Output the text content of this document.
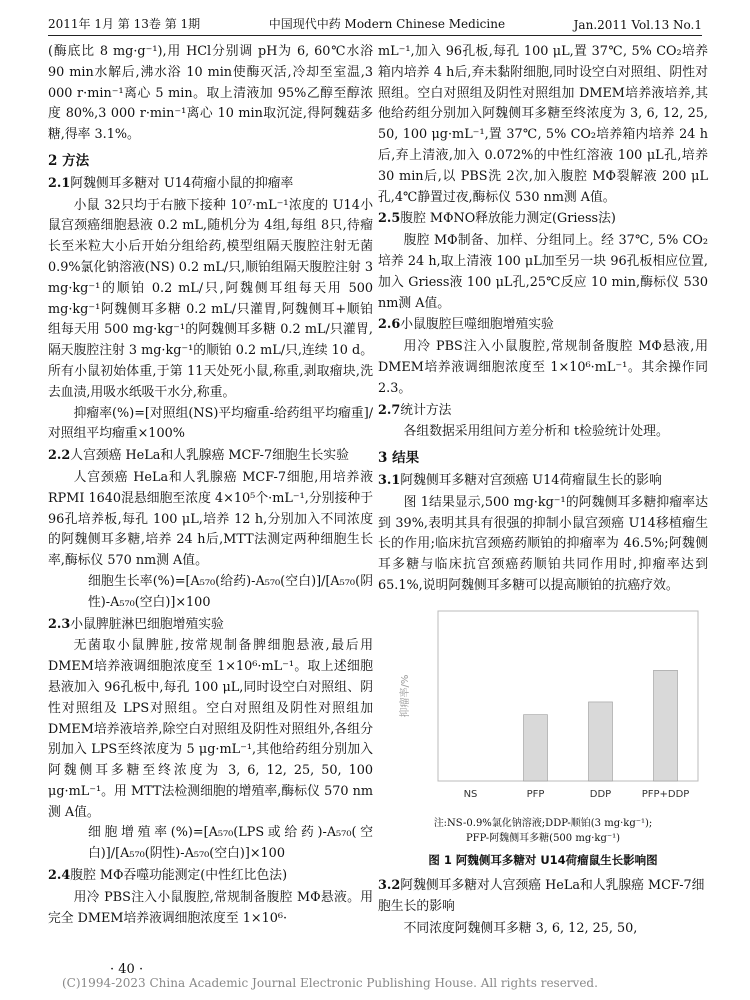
2011年 1月 第 13卷 第 1期	中国现代中药 Modern Chinese Medicine	Jan.2011 Vol.13 No.1

(酶底比 8 mg·g⁻¹),用 HCl分别调 pH为 6, 60℃水浴 90 min水解后,沸水浴 10 min使酶灭活,冷却至室温,3 000 r·min⁻¹离心 5 min。取上清液加 95%乙醇至醇浓度 80%,3 000 r·min⁻¹离心 10 min取沉淀,得阿魏菇多糖,得率 3.1%。

2 方法
2.1阿魏侧耳多糖对 U14荷瘤小鼠的抑瘤率

小鼠 32只均于右腋下接种 10⁷·mL⁻¹浓度的 U14小鼠宫颈癌细胞悬液 0.2 mL,随机分为 4组,每组 8只,待瘤长至米粒大小后开始分组给药,模型组隔天腹腔注射无菌 0.9%氯化钠溶液(NS) 0.2 mL/只,顺铂组隔天腹腔注射 3 mg·kg⁻¹的顺铂 0.2 mL/只,阿魏侧耳组每天用 500 mg·kg⁻¹阿魏侧耳多糖 0.2 mL/只灌胃,阿魏侧耳+顺铂组每天用 500 mg·kg⁻¹的阿魏侧耳多糖 0.2 mL/只灌胃,隔天腹腔注射 3 mg·kg⁻¹的顺铂 0.2 mL/只,连续 10 d。所有小鼠初始体重,于第 11天处死小鼠,称重,剥取瘤块,洗去血渍,用吸水纸吸干水分,称重。

抑瘤率(%)=[对照组(NS)平均瘤重-给药组平均瘤重]/对照组平均瘤重×100%

2.2人宫颈癌 HeLa和人乳腺癌 MCF-7细胞生长实验

人宫颈癌 HeLa和人乳腺癌 MCF-7细胞,用培养液 RPMI 1640混悬细胞至浓度 4×10⁵个·mL⁻¹,分别接种于 96孔培养板,每孔 100 μL,培养 12 h,分别加入不同浓度的阿魏侧耳多糖,培养 24 h后,MTT法测定两种细胞生长率,酶标仪 570 nm测 A值。

细胞生长率(%)=[A₅₇₀(给药)-A₅₇₀(空白)]/[A₅₇₀(阴性)-A₅₇₀(空白)]×100

2.3小鼠脾脏淋巴细胞增殖实验

无菌取小鼠脾脏,按常规制备脾细胞悬液,最后用 DMEM培养液调细胞浓度至 1×10⁶·mL⁻¹。取上述细胞悬液加入 96孔板中,每孔 100 μL,同时设空白对照组、阴性对照组及 LPS对照组。空白对照组及阴性对照组加 DMEM培养液培养,除空白对照组及阴性对照组外,各组分别加入 LPS至终浓度为 5 μg·mL⁻¹,其他给药组分别加入阿魏侧耳多糖至终浓度为 3, 6, 12, 25, 50, 100 μg·mL⁻¹。用 MTT法检测细胞的增殖率,酶标仪 570 nm测 A值。

细胞增殖率(%)=[A₅₇₀(LPS或给药)-A₅₇₀(空白)]/[A₅₇₀(阴性)-A₅₇₀(空白)]×100

2.4腹腔 MΦ吞噬功能测定(中性红比色法)

用冷 PBS注入小鼠腹腔,常规制备腹腔 MΦ悬液。用完全 DMEM培养液调细胞浓度至 1×10⁶·

mL⁻¹,加入 96孔板,每孔 100 μL,置 37℃, 5% CO₂培养箱内培养 4 h后,弃未黏附细胞,同时设空白对照组、阴性对照组。空白对照组及阴性对照组加 DMEM培养液培养,其他给药组分别加入阿魏侧耳多糖至终浓度为 3, 6, 12, 25, 50, 100 μg·mL⁻¹,置 37℃, 5% CO₂培养箱内培养 24 h后,弃上清液,加入 0.072%的中性红溶液 100 μL孔,培养 30 min后,以 PBS洗 2次,加入腹腔 MΦ裂解液 200 μL孔,4℃静置过夜,酶标仪 530 nm测 A值。

2.5腹腔 MΦNO释放能力测定(Griess法)

腹腔 MΦ制备、加样、分组同上。经 37℃, 5% CO₂培养 24 h,取上清液 100 μL加至另一块 96孔板相应位置,加入 Griess液 100 μL孔,25℃反应 10 min,酶标仪 530 nm测 A值。

2.6小鼠腹腔巨噬细胞增殖实验

用冷 PBS注入小鼠腹腔,常规制备腹腔 MΦ悬液,用 DMEM培养液调细胞浓度至 1×10⁶·mL⁻¹。其余操作同 2.3。

2.7统计方法

各组数据采用组间方差分析和 t检验统计处理。

3 结果
3.1阿魏侧耳多糖对宫颈癌 U14荷瘤鼠生长的影响

图 1结果显示,500 mg·kg⁻¹的阿魏侧耳多糖抑瘤率达到 39%,表明其具有很强的抑制小鼠宫颈癌 U14移植瘤生长的作用;临床抗宫颈癌药顺铂的抑瘤率为 46.5%;阿魏侧耳多糖与临床抗宫颈癌药顺铂共同作用时,抑瘤率达到 65.1%,说明阿魏侧耳多糖可以提高顺铂的抗癌疗效。

抑瘤率/%
NS	PFP	DDP	PFP+DDP
注:NS-0.9%氯化钠溶液;DDP-顺铂(3 mg·kg⁻¹);
PFP-阿魏侧耳多糖(500 mg·kg⁻¹)
图 1 阿魏侧耳多糖对 U14荷瘤鼠生长影响图
3.2阿魏侧耳多糖对人宫颈癌 HeLa和人乳腺癌 MCF-7细胞生长的影响

不同浓度阿魏侧耳多糖 3, 6, 12, 25, 50,

· 40 ·
(C)1994-2023 China Academic Journal Electronic Publishing House. All rights reserved.
